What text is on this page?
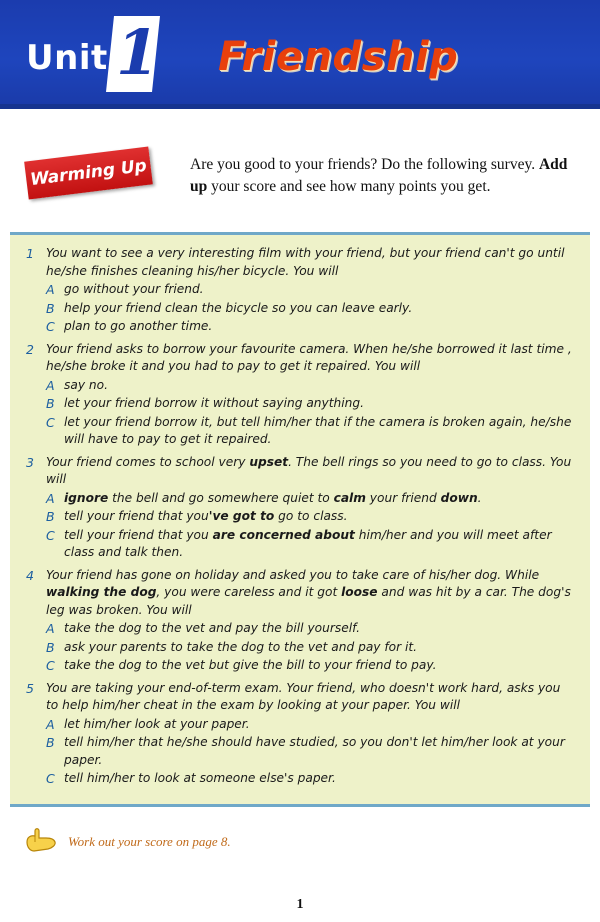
Unit 1 Friendship
Warming Up	Are you good to your friends? Do the following survey. Add up your score and see how many points you get.
1 You want to see a very interesting film with your friend, but your friend can't go until he/she finishes cleaning his/her bicycle. You will
A go without your friend.
B help your friend clean the bicycle so you can leave early.
C plan to go another time.
2 Your friend asks to borrow your favourite camera. When he/she borrowed it last time , he/she broke it and you had to pay to get it repaired. You will
A say no.
B let your friend borrow it without saying anything.
C let your friend borrow it, but tell him/her that if the camera is broken again, he/she will have to pay to get it repaired.
3 Your friend comes to school very upset. The bell rings so you need to go to class. You will
A ignore the bell and go somewhere quiet to calm your friend down.
B tell your friend that you've got to go to class.
C tell your friend that you are concerned about him/her and you will meet after class and talk then.
4 Your friend has gone on holiday and asked you to take care of his/her dog. While walking the dog, you were careless and it got loose and was hit by a car. The dog's leg was broken. You will
A take the dog to the vet and pay the bill yourself.
B ask your parents to take the dog to the vet and pay for it.
C take the dog to the vet but give the bill to your friend to pay.
5 You are taking your end-of-term exam. Your friend, who doesn't work hard, asks you to help him/her cheat in the exam by looking at your paper. You will
A let him/her look at your paper.
B tell him/her that he/she should have studied, so you don't let him/her look at your paper.
C tell him/her to look at someone else's paper.
Work out your score on page 8.
1
